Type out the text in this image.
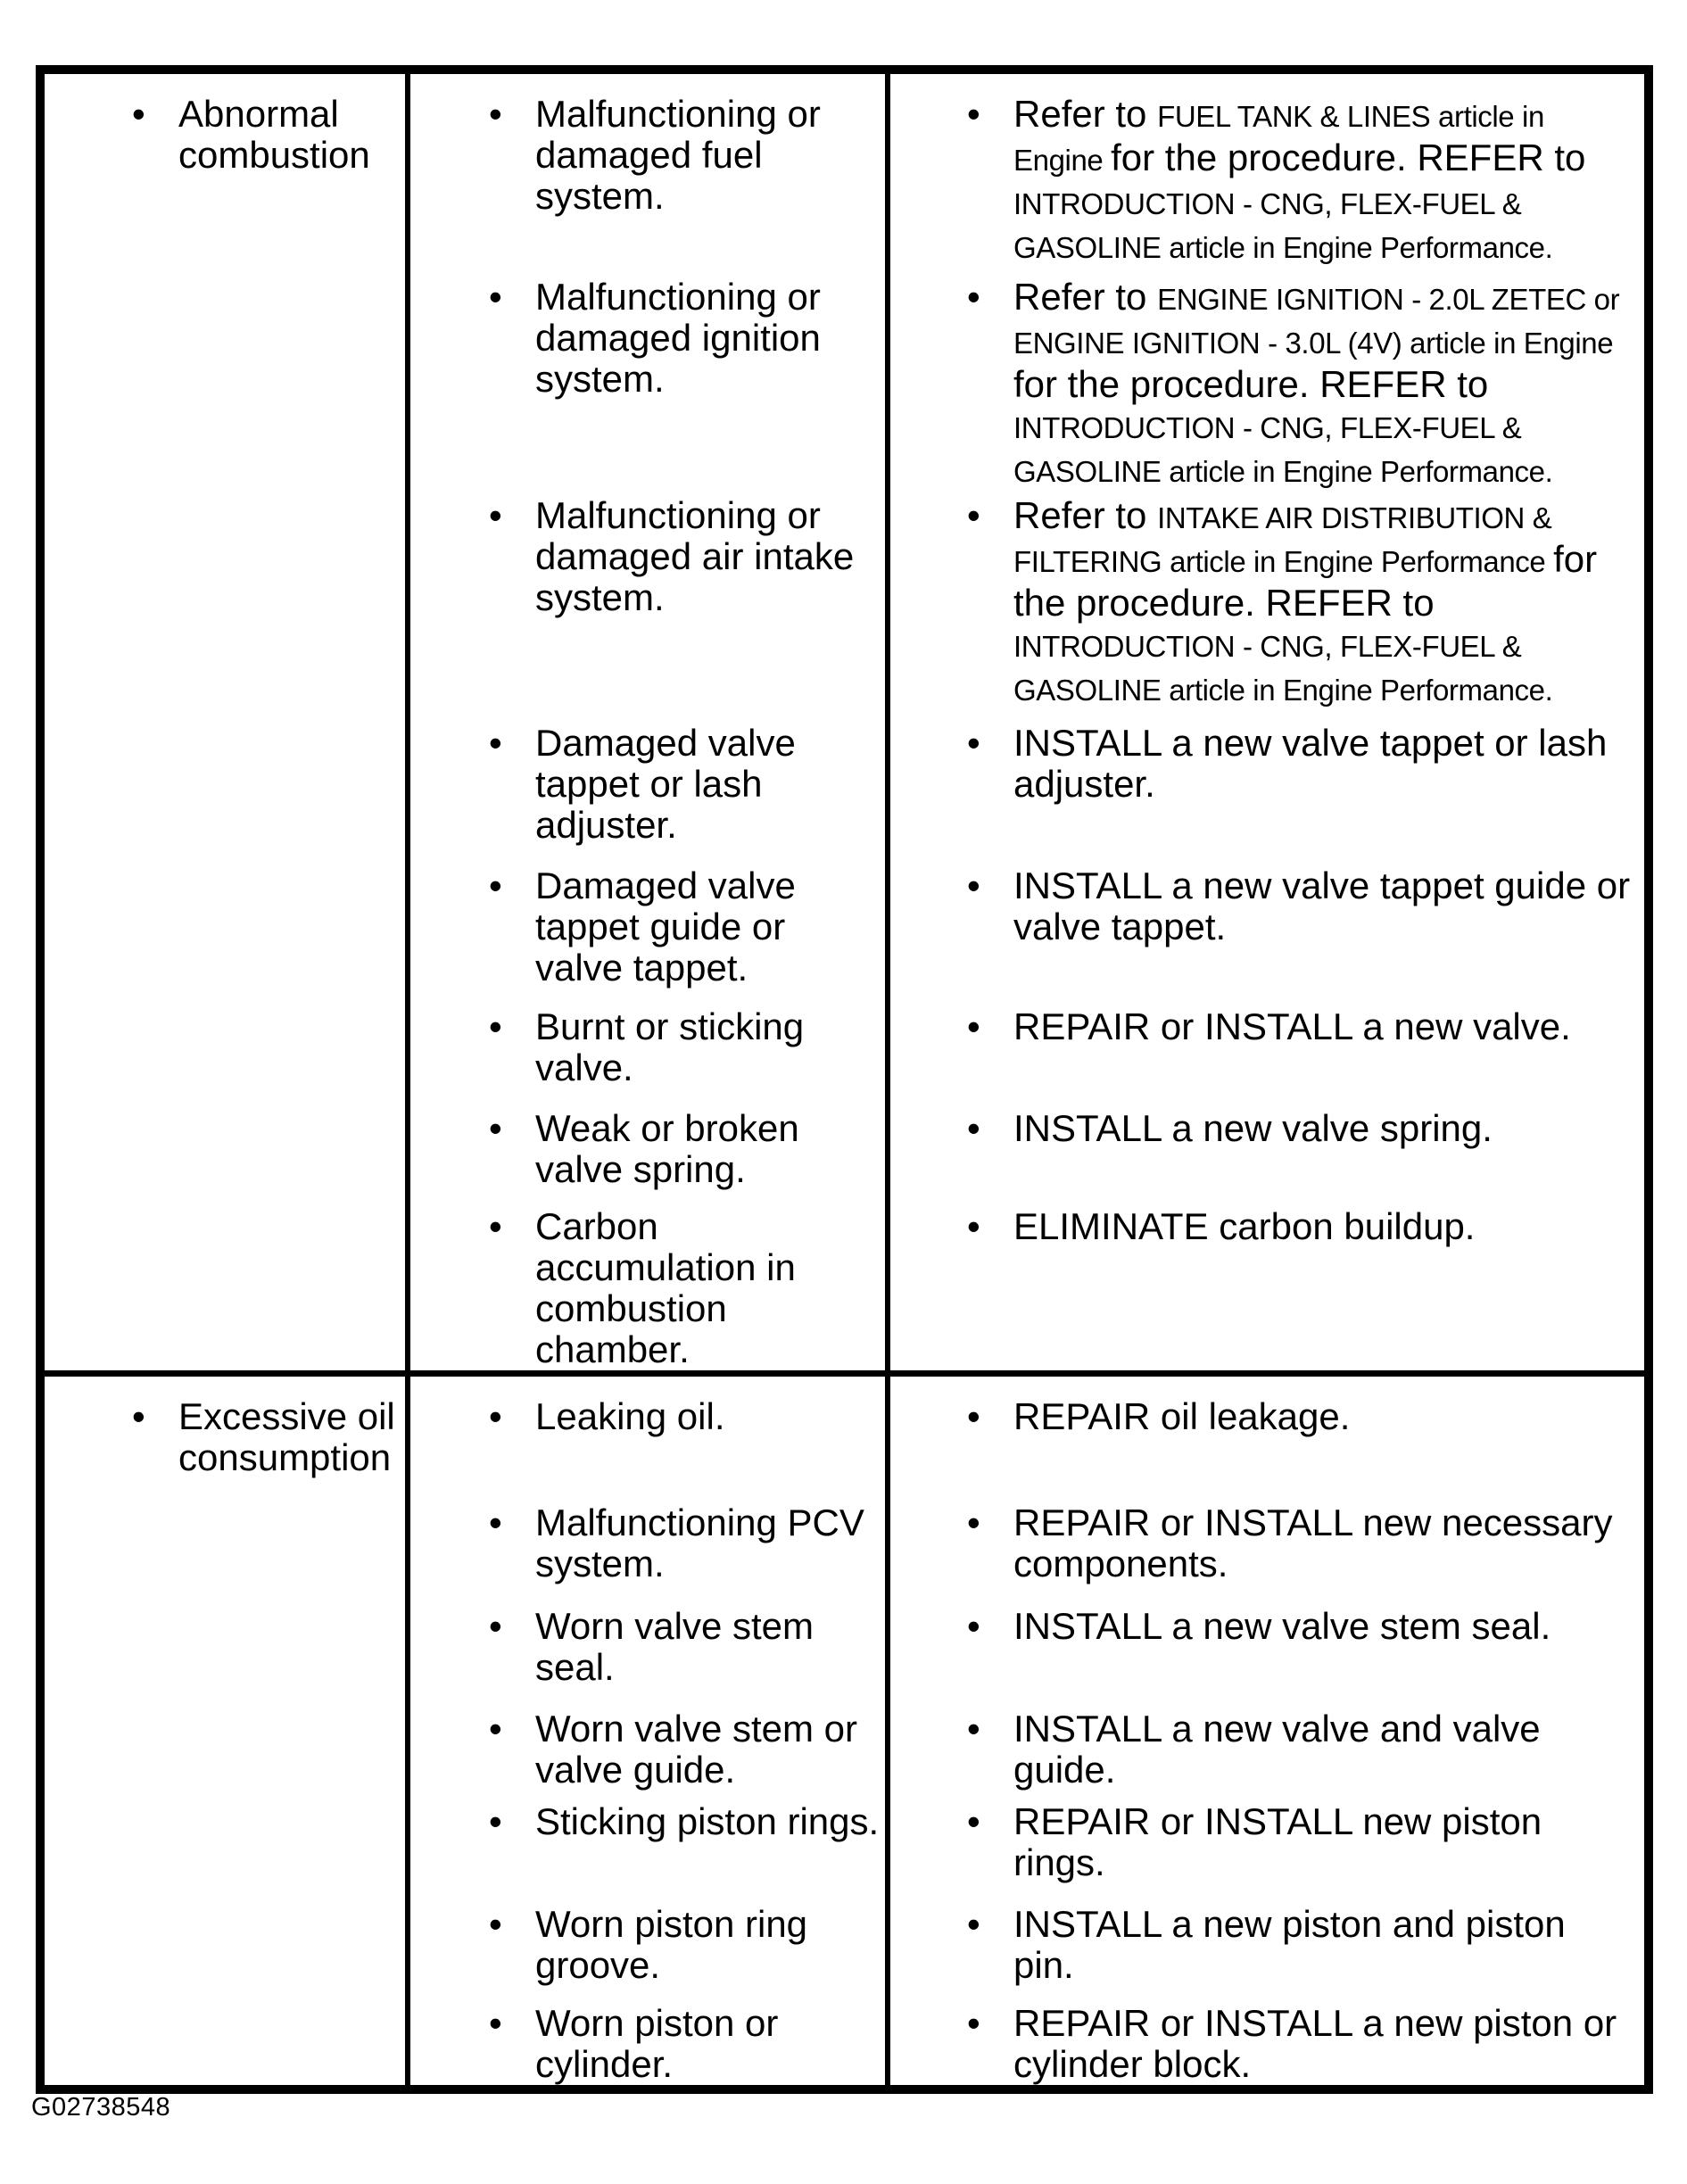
• Abnormal combustion

• Malfunctioning or damaged fuel system.

• Refer to FUEL TANK & LINES article in Engine for the procedure. REFER to INTRODUCTION - CNG, FLEX-FUEL & GASOLINE article in Engine Performance.

• Malfunctioning or damaged ignition system.

• Refer to ENGINE IGNITION - 2.0L ZETEC or ENGINE IGNITION - 3.0L (4V) article in Engine for the procedure. REFER to INTRODUCTION - CNG, FLEX-FUEL & GASOLINE article in Engine Performance.

• Malfunctioning or damaged air intake system.

• Refer to INTAKE AIR DISTRIBUTION & FILTERING article in Engine Performance for the procedure. REFER to INTRODUCTION - CNG, FLEX-FUEL & GASOLINE article in Engine Performance.

• Damaged valve tappet or lash adjuster.

• INSTALL a new valve tappet or lash adjuster.

• Damaged valve tappet guide or valve tappet.

• INSTALL a new valve tappet guide or valve tappet.

• Burnt or sticking valve.

• REPAIR or INSTALL a new valve.

• Weak or broken valve spring.

• INSTALL a new valve spring.

• Carbon accumulation in combustion chamber.

• ELIMINATE carbon buildup.

• Excessive oil consumption

• Leaking oil.	• REPAIR oil leakage.

• Malfunctioning PCV system.

• REPAIR or INSTALL new necessary components.

• Worn valve stem seal.

• INSTALL a new valve stem seal.

• Worn valve stem or valve guide.

• INSTALL a new valve and valve guide.

• Sticking piston rings. • REPAIR or INSTALL new piston rings.

• Worn piston ring groove.

• INSTALL a new piston and piston pin.

• Worn piston or cylinder.

• REPAIR or INSTALL a new piston or cylinder block.

G02738548
